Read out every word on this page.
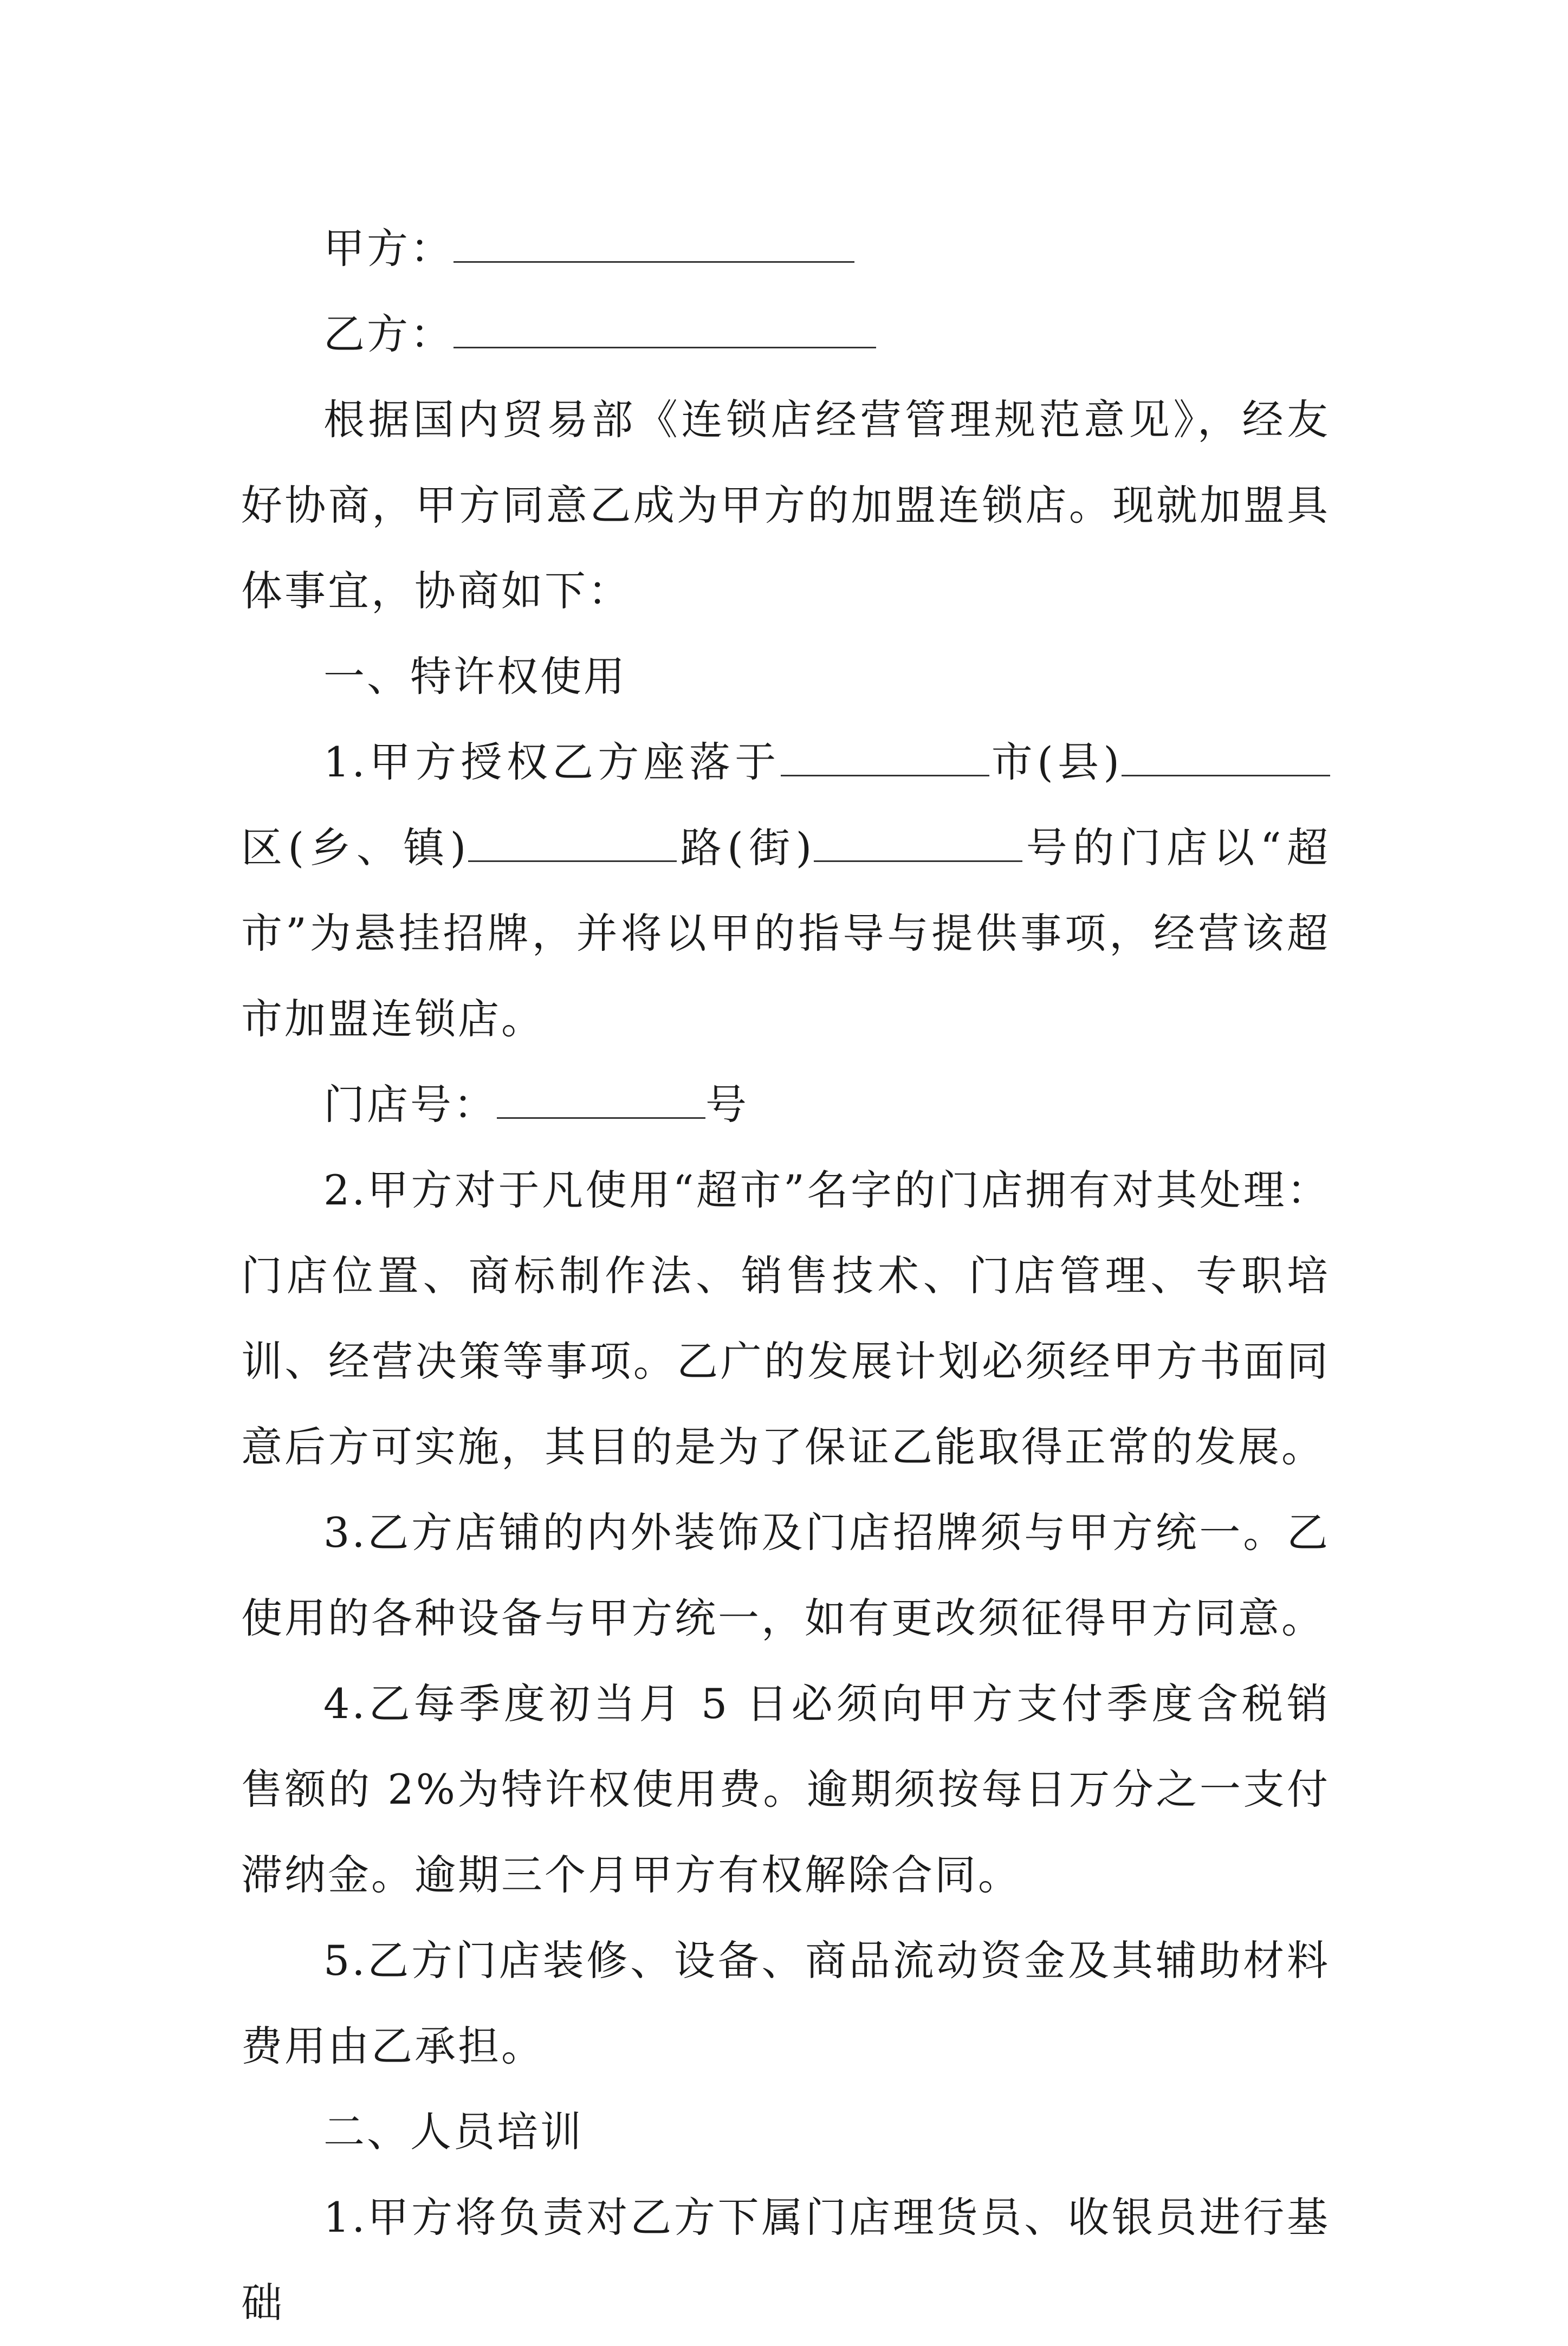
甲方：

乙方：

根据国内贸易部《连锁店经营管理规范意见》，经友好协商，甲方同意乙成为甲方的加盟连锁店。现就加盟具体事宜，协商如下：

一、特许权使用

1.甲方授权乙方座落于	市(县)区(乡、镇)	路(街)	号的门店以“超市”为悬挂招牌，并将以甲的指导与提供事项，经营该超市加盟连锁店。

门店号：	号

2.甲方对于凡使用“超市”名字的门店拥有对其处理：门店位置、商标制作法、销售技术、门店管理、专职培训、经营决策等事项。乙广的发展计划必须经甲方书面同意后方可实施，其目的是为了保证乙能取得正常的发展。

3.乙方店铺的内外装饰及门店招牌须与甲方统一。乙使用的各种设备与甲方统一，如有更改须征得甲方同意。

4.乙每季度初当月 5 日必须向甲方支付季度含税销售额的 2%为特许权使用费。逾期须按每日万分之一支付滞纳金。逾期三个月甲方有权解除合同。

5.乙方门店装修、设备、商品流动资金及其辅助材料费用由乙承担。

二、人员培训

1.甲方将负责对乙方下属门店理货员、收银员进行基础
